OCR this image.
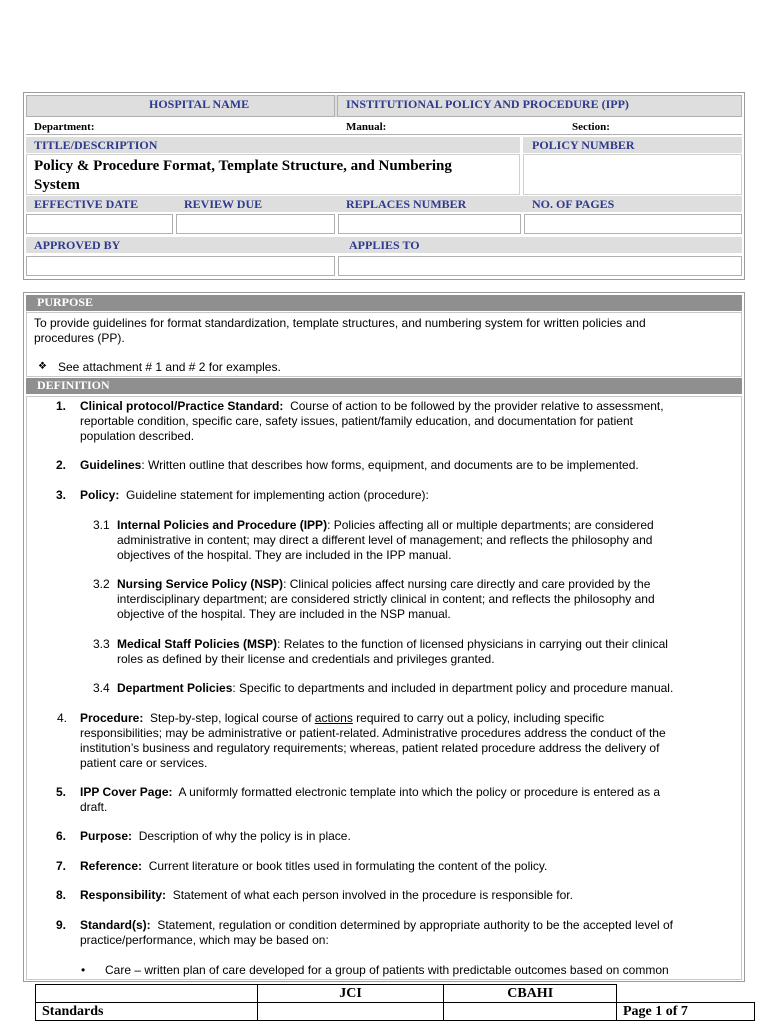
HOSPITAL NAME	INSTITUTIONAL POLICY AND PROCEDURE (IPP)
Department:	Manual:	Section:
TITLE/DESCRIPTION	POLICY NUMBER
Policy & Procedure Format, Template Structure, and Numbering
System
EFFECTIVE DATE	REVIEW DUE	REPLACES NUMBER	NO. OF PAGES
APPROVED BY	APPLIES TO
PURPOSE
To provide guidelines for format standardization, template structures, and numbering system for written policies and
procedures (PP).
❖ See attachment # 1 and # 2 for examples.
DEFINITION
1. Clinical protocol/Practice Standard: Course of action to be followed by the provider relative to assessment,
reportable condition, specific care, safety issues, patient/family education, and documentation for patient
population described.
2. Guidelines: Written outline that describes how forms, equipment, and documents are to be implemented.
3. Policy: Guideline statement for implementing action (procedure):
3.1 Internal Policies and Procedure (IPP): Policies affecting all or multiple departments; are considered
administrative in content; may direct a different level of management; and reflects the philosophy and
objectives of the hospital. They are included in the IPP manual.
3.2 Nursing Service Policy (NSP): Clinical policies affect nursing care directly and care provided by the
interdisciplinary department; are considered strictly clinical in content; and reflects the philosophy and
objective of the hospital. They are included in the NSP manual.
3.3 Medical Staff Policies (MSP): Relates to the function of licensed physicians in carrying out their clinical
roles as defined by their license and credentials and privileges granted.
3.4 Department Policies: Specific to departments and included in department policy and procedure manual.
4. Procedure: Step-by-step, logical course of actions required to carry out a policy, including specific
responsibilities; may be administrative or patient-related. Administrative procedures address the conduct of the
institution’s business and regulatory requirements; whereas, patient related procedure address the delivery of
patient care or services.
5. IPP Cover Page: A uniformly formatted electronic template into which the policy or procedure is entered as a
draft.
6. Purpose: Description of why the policy is in place.
7. Reference: Current literature or book titles used in formulating the content of the policy.
8. Responsibility: Statement of what each person involved in the procedure is responsible for.
9. Standard(s): Statement, regulation or condition determined by appropriate authority to be the accepted level of
practice/performance, which may be based on:
• Care – written plan of care developed for a group of patients with predictable outcomes based on common
	JCI	CBAHI	
Standards			Page 1 of 7
